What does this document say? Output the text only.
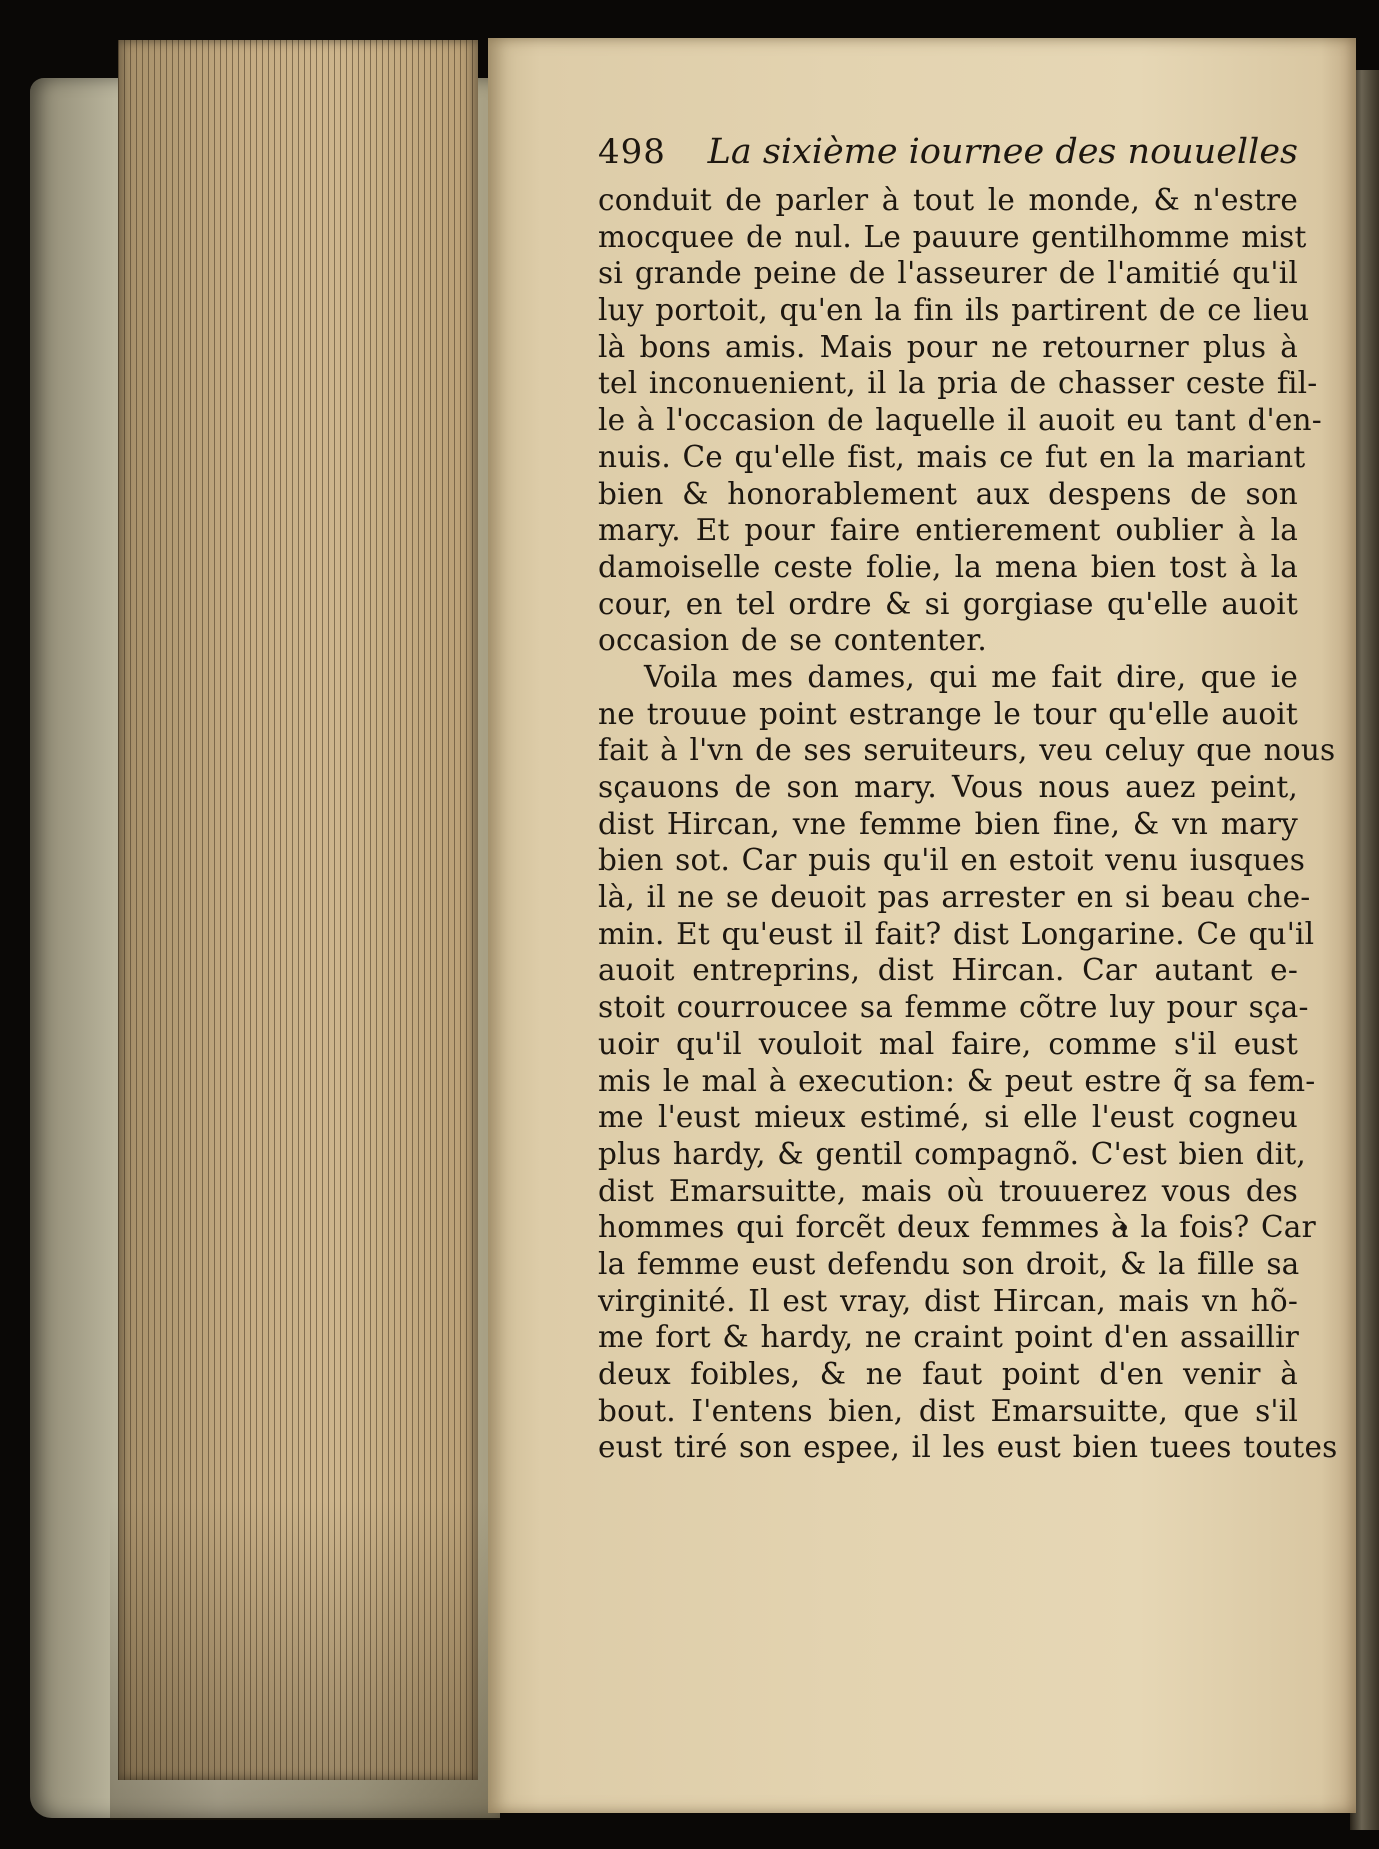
498	La sixième iournee des nouuelles
conduit de parler à tout le monde, & n'estre
mocquee de nul. Le pauure gentilhomme mist
si grande peine de l'asseurer de l'amitié qu'il
luy portoit, qu'en la fin ils partirent de ce lieu
là bons amis. Mais pour ne retourner plus à
tel inconuenient, il la pria de chasser ceste fil-
le à l'occasion de laquelle il auoit eu tant d'en-
nuis. Ce qu'elle fist, mais ce fut en la mariant
bien & honorablement aux despens de son
mary. Et pour faire entierement oublier à la
damoiselle ceste folie, la mena bien tost à la
cour, en tel ordre & si gorgiase qu'elle auoit
occasion de se contenter.
Voila mes dames, qui me fait dire, que ie
ne trouue point estrange le tour qu'elle auoit
fait à l'vn de ses seruiteurs, veu celuy que nous
sçauons de son mary. Vous nous auez peint,
dist Hircan, vne femme bien fine, & vn mary
bien sot. Car puis qu'il en estoit venu iusques
là, il ne se deuoit pas arrester en si beau che-
min. Et qu'eust il fait? dist Longarine. Ce qu'il
auoit entreprins, dist Hircan. Car autant e-
stoit courroucee sa femme cõtre luy pour sça-
uoir qu'il vouloit mal faire, comme s'il eust
mis le mal à execution: & peut estre q̃ sa fem-
me l'eust mieux estimé, si elle l'eust cogneu
plus hardy, & gentil compagnõ. C'est bien dit,
dist Emarsuitte, mais où trouuerez vous des
hommes qui forcẽt deux femmes à la fois? Car
la femme eust defendu son droit, & la fille sa
virginité. Il est vray, dist Hircan, mais vn hõ-
me fort & hardy, ne craint point d'en assaillir
deux foibles, & ne faut point d'en venir à
bout. I'entens bien, dist Emarsuitte, que s'il
eust tiré son espee, il les eust bien tuees toutes
